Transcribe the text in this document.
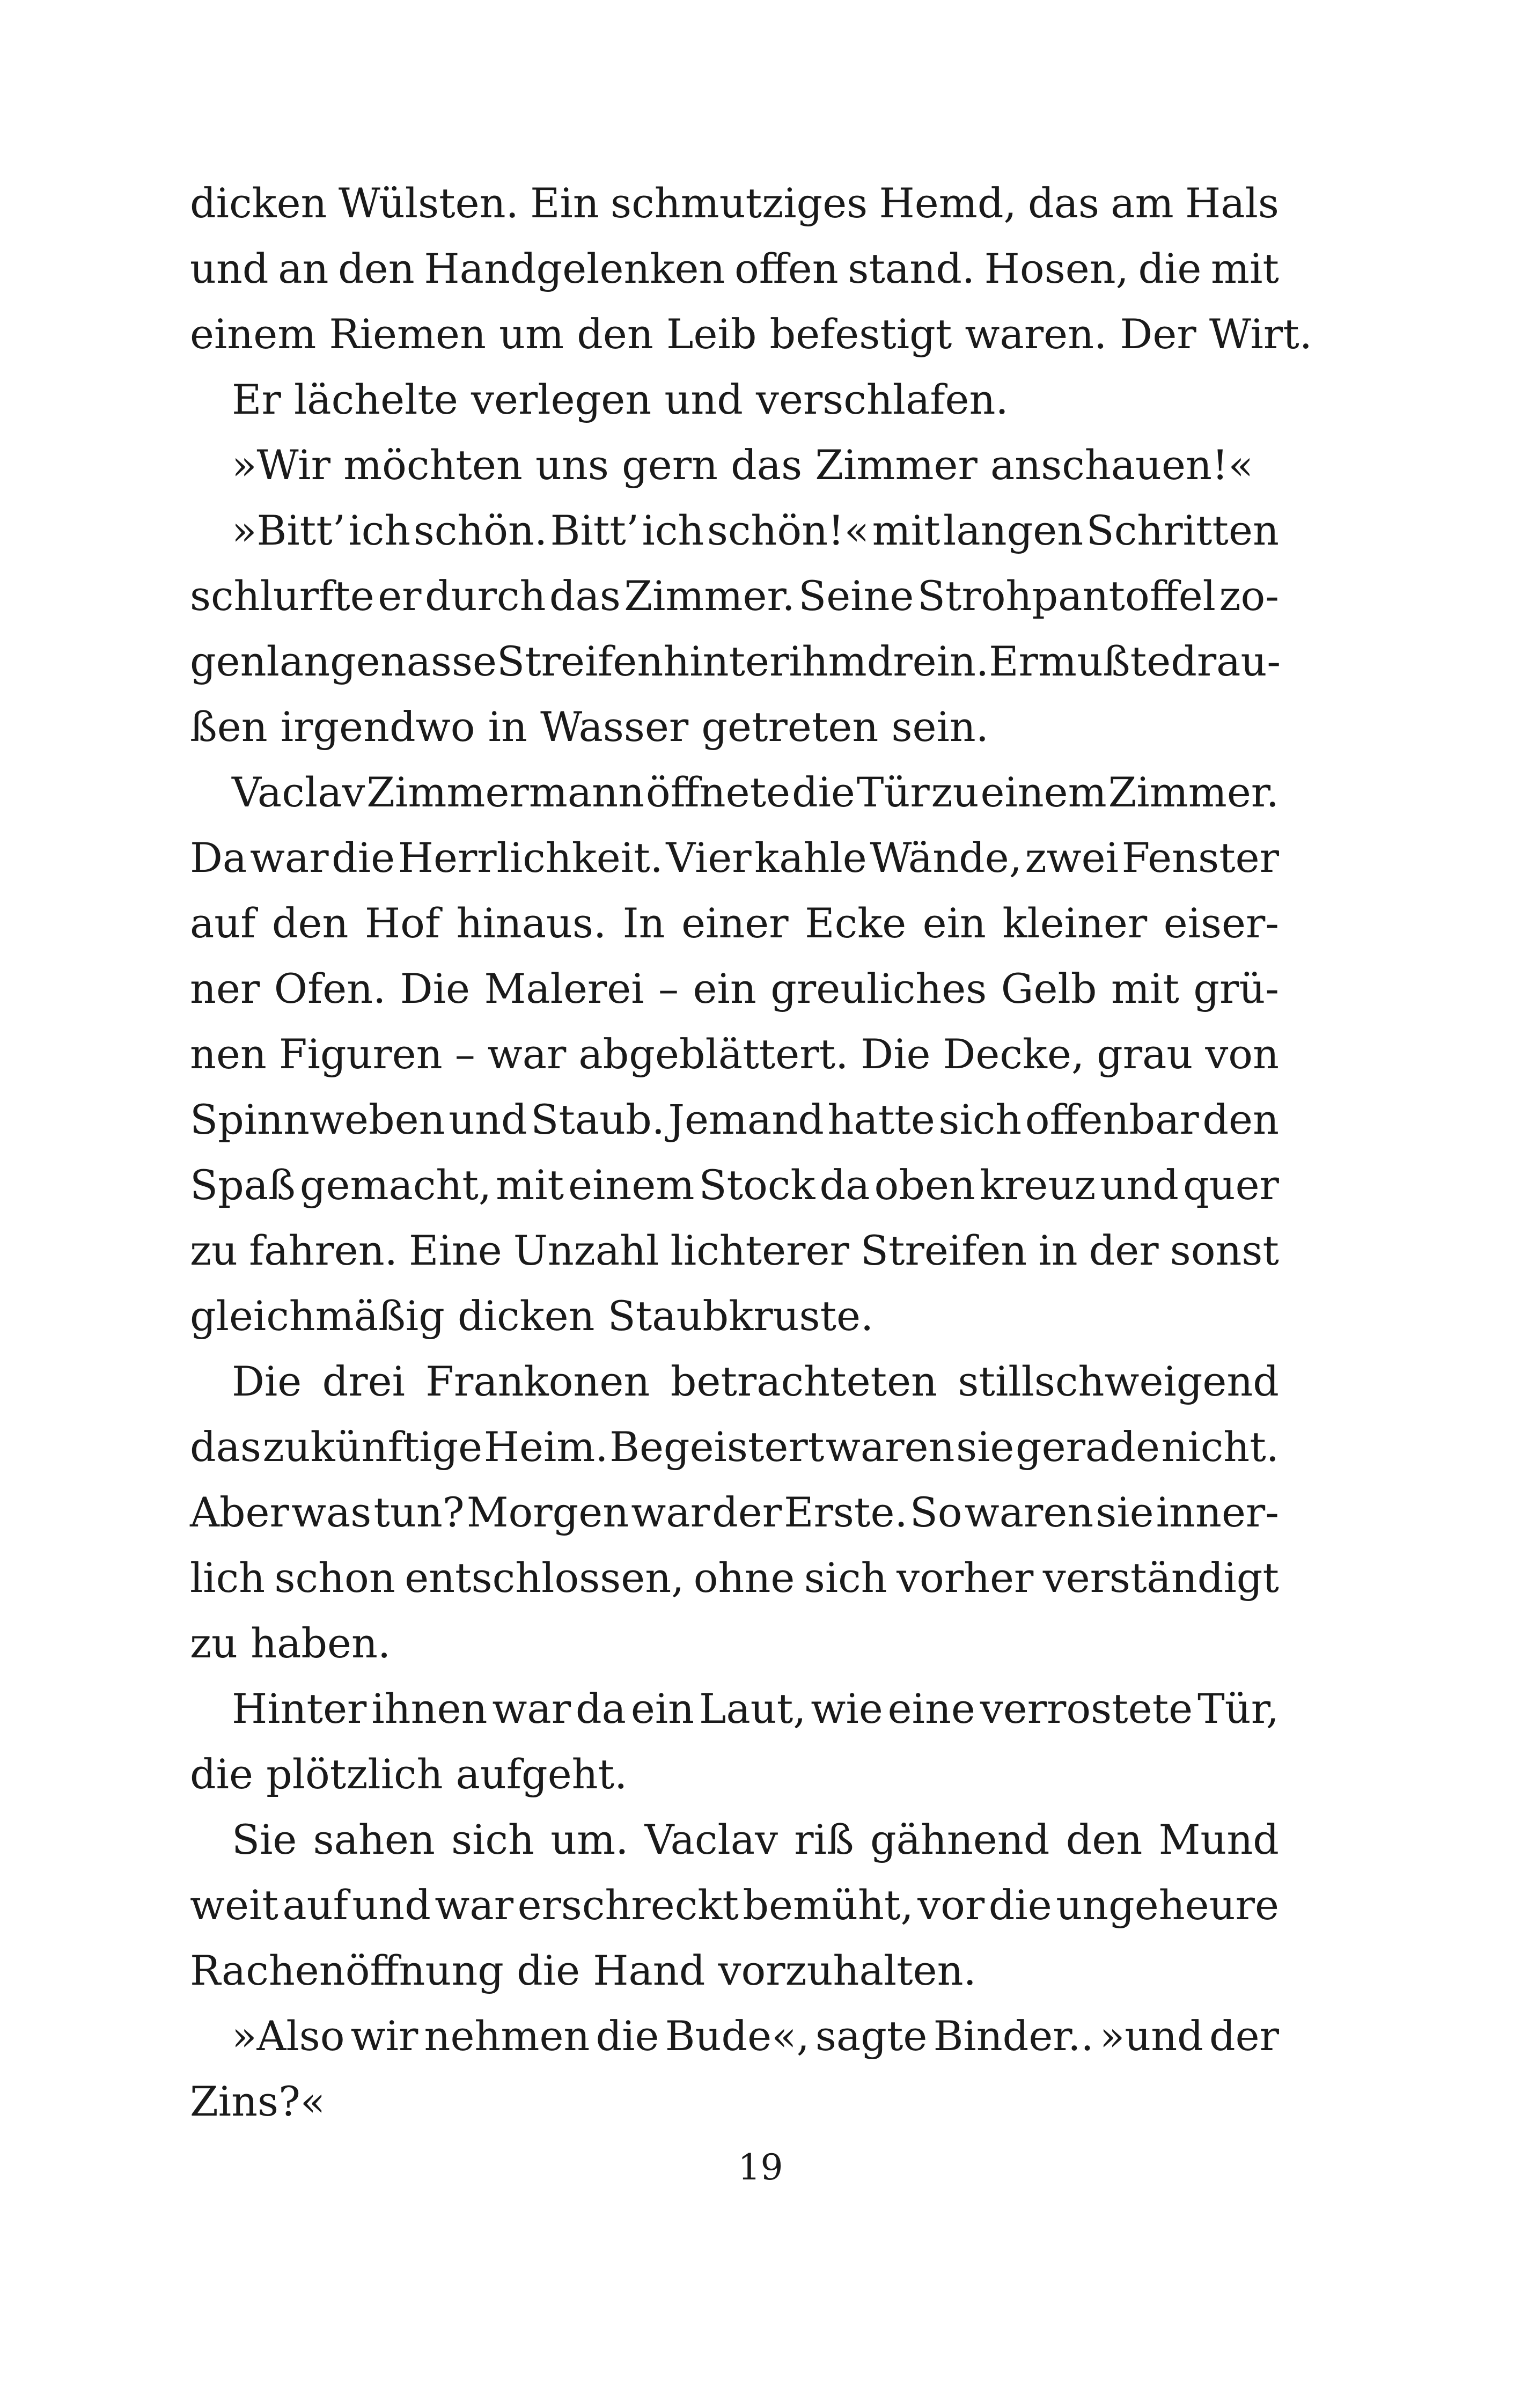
dicken Wülsten. Ein schmutziges Hemd, das am Hals
und an den Handgelenken offen stand. Hosen, die mit
einem Riemen um den Leib befestigt waren. Der Wirt.
Er lächelte verlegen und verschlafen.
»Wir möchten uns gern das Zimmer anschauen!«
»Bitt’ ich schön. Bitt’ ich schön!« mit langen Schritten
schlurfte er durch das Zimmer. Seine Strohpantoffel zo-
gen lange nasse Streifen hinter ihm drein. Er mußte drau-
ßen irgendwo in Wasser getreten sein.
Vaclav Zimmermann öffnete die Tür zu einem Zimmer.
Da war die Herrlichkeit. Vier kahle Wände, zwei Fenster
auf den Hof hinaus. In einer Ecke ein kleiner eiser-
ner Ofen. Die Malerei – ein greuliches Gelb mit grü-
nen Figuren – war abgeblättert. Die Decke, grau von
Spinnweben und Staub. Jemand hatte sich offenbar den
Spaß gemacht, mit einem Stock da oben kreuz und quer
zu fahren. Eine Unzahl lichterer Streifen in der sonst
gleichmäßig dicken Staubkruste.
Die drei Frankonen betrachteten stillschweigend
das zukünftige Heim. Begeistert waren sie gerade nicht.
Aber was tun? Morgen war der Erste. So waren sie inner-
lich schon entschlossen, ohne sich vorher verständigt
zu haben.
Hinter ihnen war da ein Laut, wie eine verrostete Tür,
die plötzlich aufgeht.
Sie sahen sich um. Vaclav riß gähnend den Mund
weit auf und war erschreckt bemüht, vor die ungeheure
Rachenöffnung die Hand vorzuhalten.
»Also wir nehmen die Bude«, sagte Binder.. »und der
Zins?«
19
